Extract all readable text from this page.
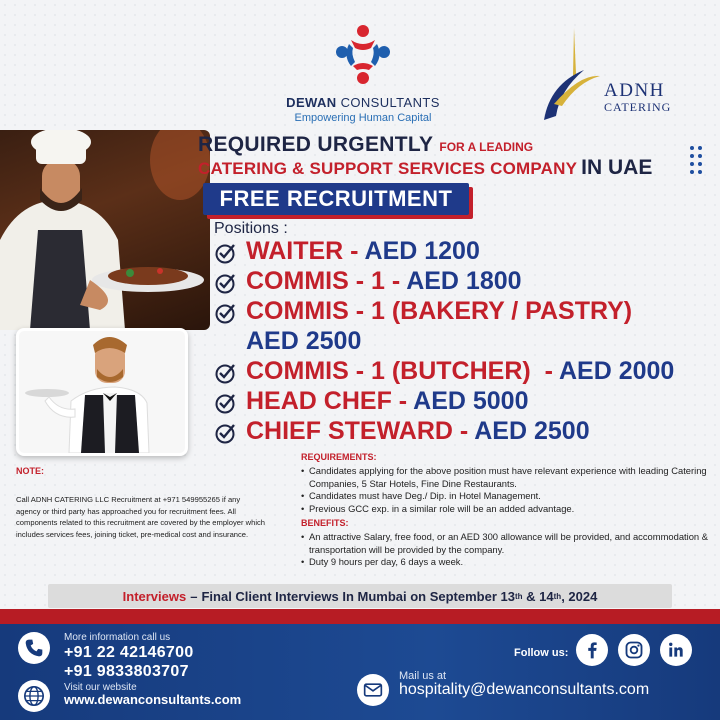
DEWAN CONSULTANTS
Empowering Human Capital
ADNH
CATERING
REQUIRED URGENTLY FOR A LEADING
CATERING & SUPPORT SERVICES COMPANY IN UAE
FREE RECRUITMENT
Positions :
WAITER - AED 1200
COMMIS - 1 - AED 1800
COMMIS - 1 (BAKERY / PASTRY)
AED 2500
COMMIS - 1 (BUTCHER)  - AED 2000
HEAD CHEF - AED 5000
CHIEF STEWARD - AED 2500
NOTE:
Call ADNH CATERING LLC Recruitment at +971 549955265 if any agency or third party has approached you for recruitment fees. All components related to this recruitment are covered by the employer which includes services fees, joining ticket, pre-medical cost and insurance.
REQUIREMENTS:
• Candidates applying for the above position must have relevant experience with leading Catering Companies, 5 Star Hotels, Fine Dine Restaurants.
• Candidates must have Deg./ Dip. in Hotel Management.
• Previous GCC exp. in a similar role will be an added advantage.
BENEFITS:
• An attractive Salary, free food, or an AED 300 allowance will be provided, and accommodation & transportation will be provided by the company.
• Duty 9 hours per day, 6 days a week.
Interviews – Final Client Interviews In Mumbai on September 13 th & 14 th , 2024
More information call us
+91 22 42146700
+91 9833803707
Visit our website
www.dewanconsultants.com
Follow us:
Mail us at
hospitality@dewanconsultants.com
